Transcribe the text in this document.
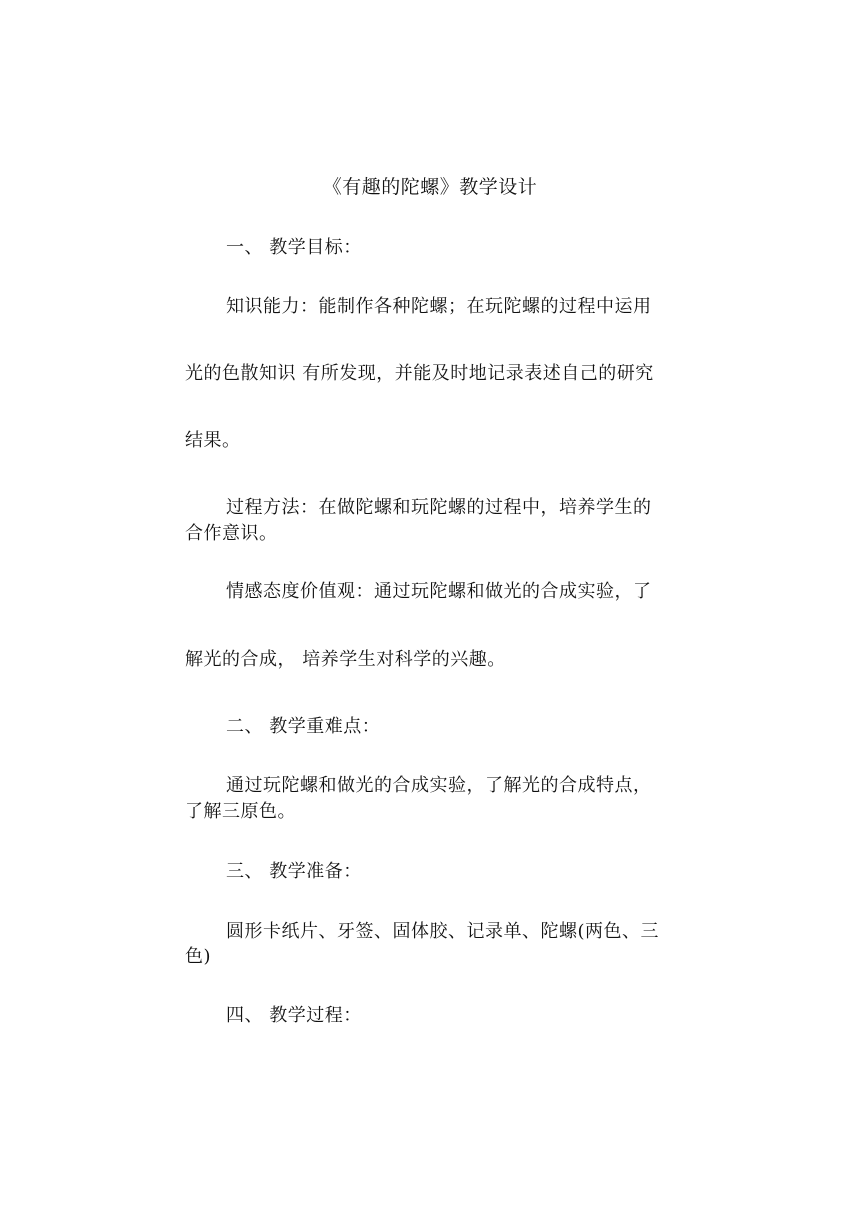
《有趣的陀螺》教学设计
一、 教学目标：
知识能力：能制作各种陀螺；在玩陀螺的过程中运用
光的色散知识 有所发现，并能及时地记录表述自己的研究
结果。
过程方法：在做陀螺和玩陀螺的过程中，培养学生的
合作意识。
情感态度价值观：通过玩陀螺和做光的合成实验，了
解光的合成， 培养学生对科学的兴趣。
二、 教学重难点：
通过玩陀螺和做光的合成实验，了解光的合成特点，
了解三原色。
三、 教学准备：
圆形卡纸片、牙签、固体胶、记录单、陀螺(两色、三
色)
四、 教学过程：
